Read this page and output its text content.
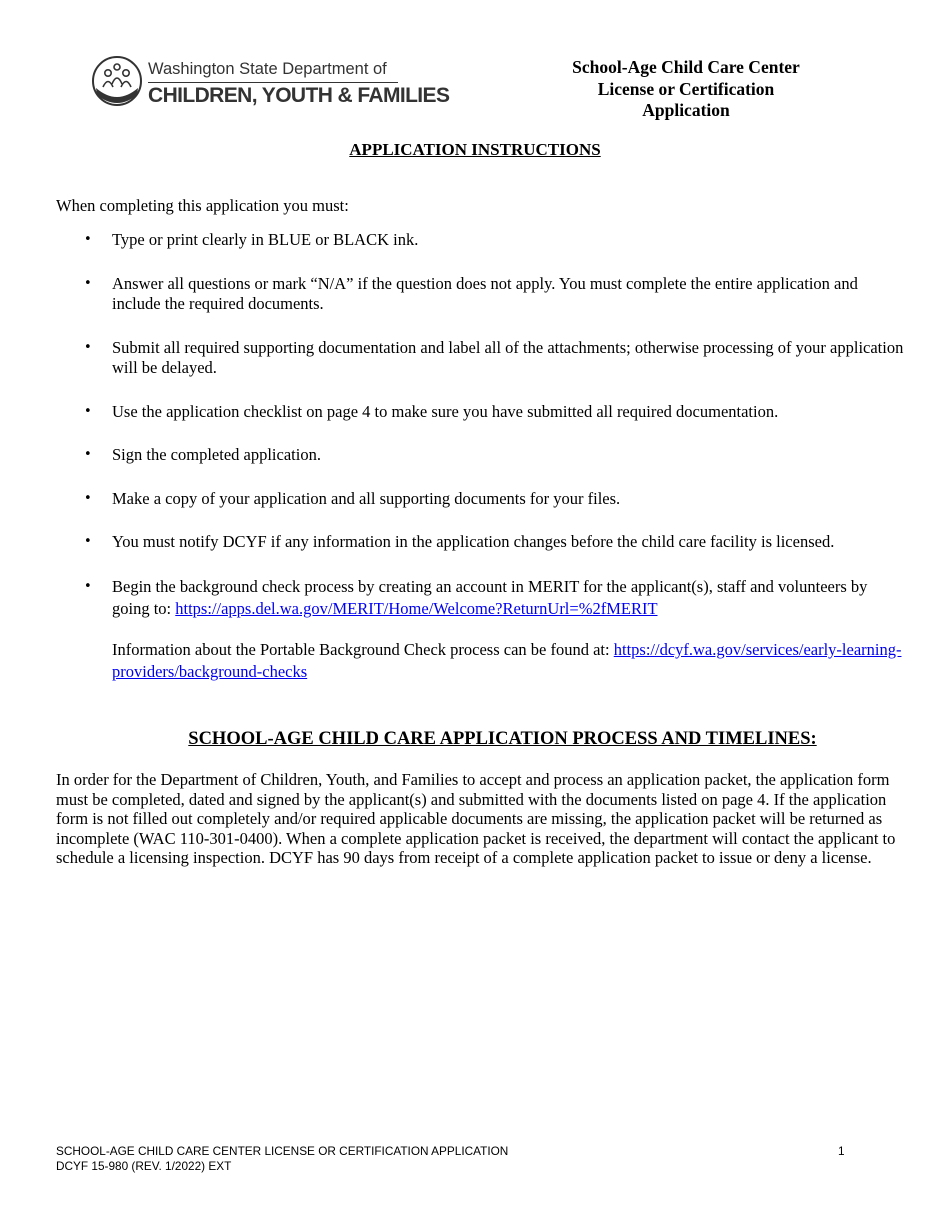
Washington State Department of
CHILDREN, YOUTH & FAMILIES
School-Age Child Care Center
License or Certification
Application
APPLICATION INSTRUCTIONS
When completing this application you must:
• Type or print clearly in BLUE or BLACK ink.
• Answer all questions or mark “N/A” if the question does not apply. You must complete the entire application and include the required documents.
• Submit all required supporting documentation and label all of the attachments; otherwise processing of your application will be delayed.
• Use the application checklist on page 4 to make sure you have submitted all required documentation.
• Sign the completed application.
• Make a copy of your application and all supporting documents for your files.
• You must notify DCYF if any information in the application changes before the child care facility is licensed.
• Begin the background check process by creating an account in MERIT for the applicant(s), staff and volunteers by going to: https://apps.del.wa.gov/MERIT/Home/Welcome?ReturnUrl=%2fMERIT
Information about the Portable Background Check process can be found at: https://dcyf.wa.gov/services/early-learning-providers/background-checks
SCHOOL-AGE CHILD CARE APPLICATION PROCESS AND TIMELINES:

In order for the Department of Children, Youth, and Families to accept and process an application packet, the application form must be completed, dated and signed by the applicant(s) and submitted with the documents listed on page 4. If the application form is not filled out completely and/or required applicable documents are missing, the application packet will be returned as incomplete (WAC 110-301-0400). When a complete application packet is received, the department will contact the applicant to schedule a licensing inspection. DCYF has 90 days from receipt of a complete application packet to issue or deny a license.

SCHOOL-AGE CHILD CARE CENTER LICENSE OR CERTIFICATION APPLICATION
DCYF 15-980 (REV. 1/2022) EXT
1
